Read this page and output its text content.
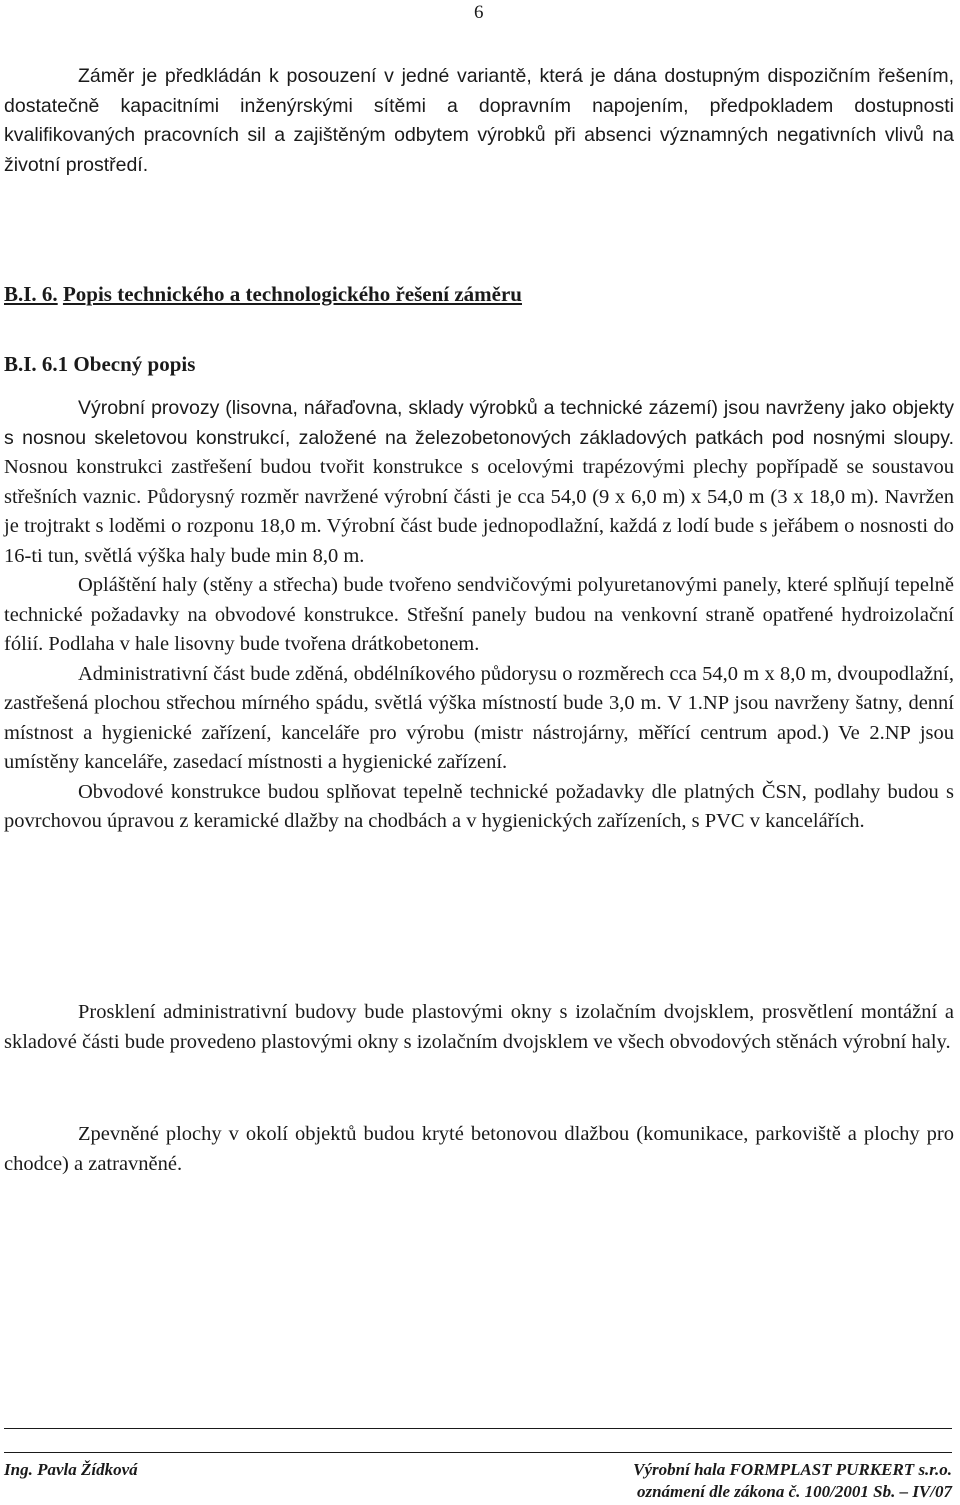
6

Záměr je předkládán k posouzení v jedné variantě, která je dána dostupným dispozičním řešením, dostatečně kapacitními inženýrskými sítěmi a dopravním napojením, předpokladem dostupnosti kvalifikovaných pracovních sil a zajištěným odbytem výrobků při absenci významných negativních vlivů na životní prostředí.

B.I. 6. Popis technického a technologického řešení záměru
B.I. 6.1 Obecný popis

Výrobní provozy (lisovna, nářaďovna, sklady výrobků a technické zázemí) jsou navrženy jako objekty s nosnou skeletovou konstrukcí, založené na železobetonových základových patkách pod nosnými sloupy. Nosnou konstrukci zastřešení budou tvořit konstrukce s ocelovými trapézovými plechy popřípadě se soustavou střešních vaznic. Půdorysný rozměr navržené výrobní části je cca 54,0 (9 x 6,0 m) x 54,0 m (3 x 18,0 m). Navržen je trojtrakt s loděmi o rozponu 18,0 m. Výrobní část bude jednopodlažní, každá z lodí bude s jeřábem o nosnosti do 16-ti tun, světlá výška haly bude min 8,0 m.

Opláštění haly (stěny a střecha) bude tvořeno sendvičovými polyuretanovými panely, které splňují tepelně technické požadavky na obvodové konstrukce. Střešní panely budou na venkovní straně opatřené hydroizolační fólií. Podlaha v hale lisovny bude tvořena drátkobetonem.

Administrativní část bude zděná, obdélníkového půdorysu o rozměrech cca 54,0 m x 8,0 m, dvoupodlažní, zastřešená plochou střechou mírného spádu, světlá výška místností bude 3,0 m. V 1.NP jsou navrženy šatny, denní místnost a hygienické zařízení, kanceláře pro výrobu (mistr nástrojárny, měřící centrum apod.) Ve 2.NP jsou umístěny kanceláře, zasedací místnosti a hygienické zařízení.

Obvodové konstrukce budou splňovat tepelně technické požadavky dle platných ČSN, podlahy budou s povrchovou úpravou z keramické dlažby na chodbách a v hygienických zařízeních, s PVC v kancelářích.

Prosklení administrativní budovy bude plastovými okny s izolačním dvojsklem, prosvětlení montážní a skladové části bude provedeno plastovými okny s izolačním dvojsklem ve všech obvodových stěnách výrobní haly.

Zpevněné plochy v okolí objektů budou kryté betonovou dlažbou (komunikace, parkoviště a plochy pro chodce) a zatravněné.

Ing. Pavla Žídková	Výrobní hala FORMPLAST PURKERT s.r.o.
oznámení dle zákona č. 100/2001 Sb. – IV/07
